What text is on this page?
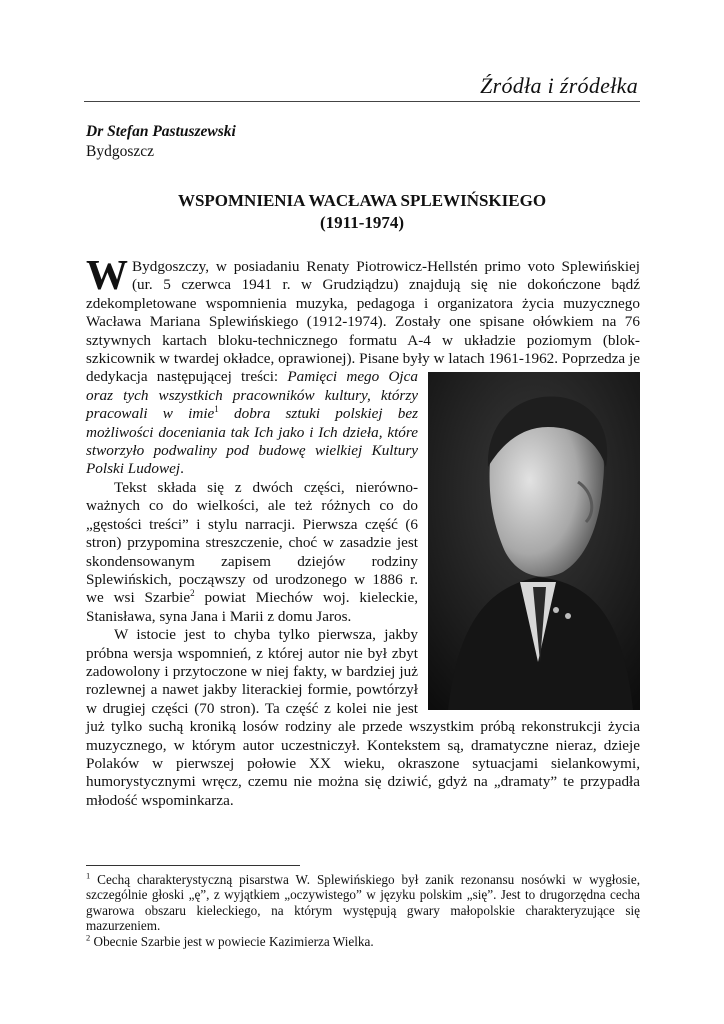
Źródła i źródełka
Dr Stefan Pastuszewski
Bydgoszcz
WSPOMNIENIA WACŁAWA SPLEWIŃSKIEGO
(1911-1974)

W Bydgoszczy, w posiadaniu Renaty Piotrowicz-Hellstén primo voto Splewińskiej (ur. 5 czerwca 1941 r. w Grudziądzu) znajdują się nie dokończone bądź zdekompletowane wspomnienia muzyka, pedagoga i organizatora życia muzycznego Wacława Mariana Splewińskiego (1912-1974). Zostały one spisane ołówkiem na 76 sztywnych kartach bloku-technicznego formatu A-4 w układzie poziomym (blok-szkicownik w twardej okładce, oprawionej). Pisane były w latach 1961-1962. Poprzedza je dedykacja następującej treści:
Pamięci mego Ojca oraz tych wszystkich pracowników kultury, którzy pracowali w imie$^1$ dobra sztuki polskiej bez możliwości doceniania tak Ich jako i Ich dzieła, które stworzyło podwaliny pod budowę wielkiej Kultury Polski Ludowej.

Tekst składa się z dwóch części, nierównoważnych co do wielkości, ale też różnych co do „gęstości treści” i stylu narracji. Pierwsza część (6 stron) przypomina streszczenie, choć w zasadzie jest skondensowanym zapisem dziejów rodziny Splewińskich, począwszy od urodzonego w 1886 r. we wsi Szarbie$^2$ powiat Miechów woj. kieleckie, Stanisława, syna Jana i Marii z domu Jaros.

W istocie jest to chyba tylko pierwsza, jakby próbna wersja wspomnień, z której autor nie był zbyt zadowolony i przytoczone w niej fakty, w bardziej już rozlewnej a nawet jakby literackiej formie, powtórzył w drugiej części (70 stron). Ta część z kolei nie jest już tylko suchą kroniką losów rodziny ale przede wszystkim próbą rekonstrukcji życia muzycznego, w którym autor uczestniczył. Kontekstem są, dramatyczne nieraz, dzieje Polaków w pierwszej połowie XX wieku, okraszone sytuacjami sielankowymi, humorystycznymi wręcz, czemu nie można się dziwić, gdyż na „dramaty” te przypadła młodość wspominkarza.

$^1$ Cechą charakterystyczną pisarstwa W. Splewińskiego był zanik rezonansu nosówki w wygłosie, szczególnie głoski „ę”, z wyjątkiem „oczywistego” w języku polskim „się”. Jest to drugorzędna cecha gwarowa obszaru kieleckiego, na którym występują gwary małopolskie charakteryzujące się mazurzeniem.

$^2$ Obecnie Szarbie jest w powiecie Kazimierza Wielka.
